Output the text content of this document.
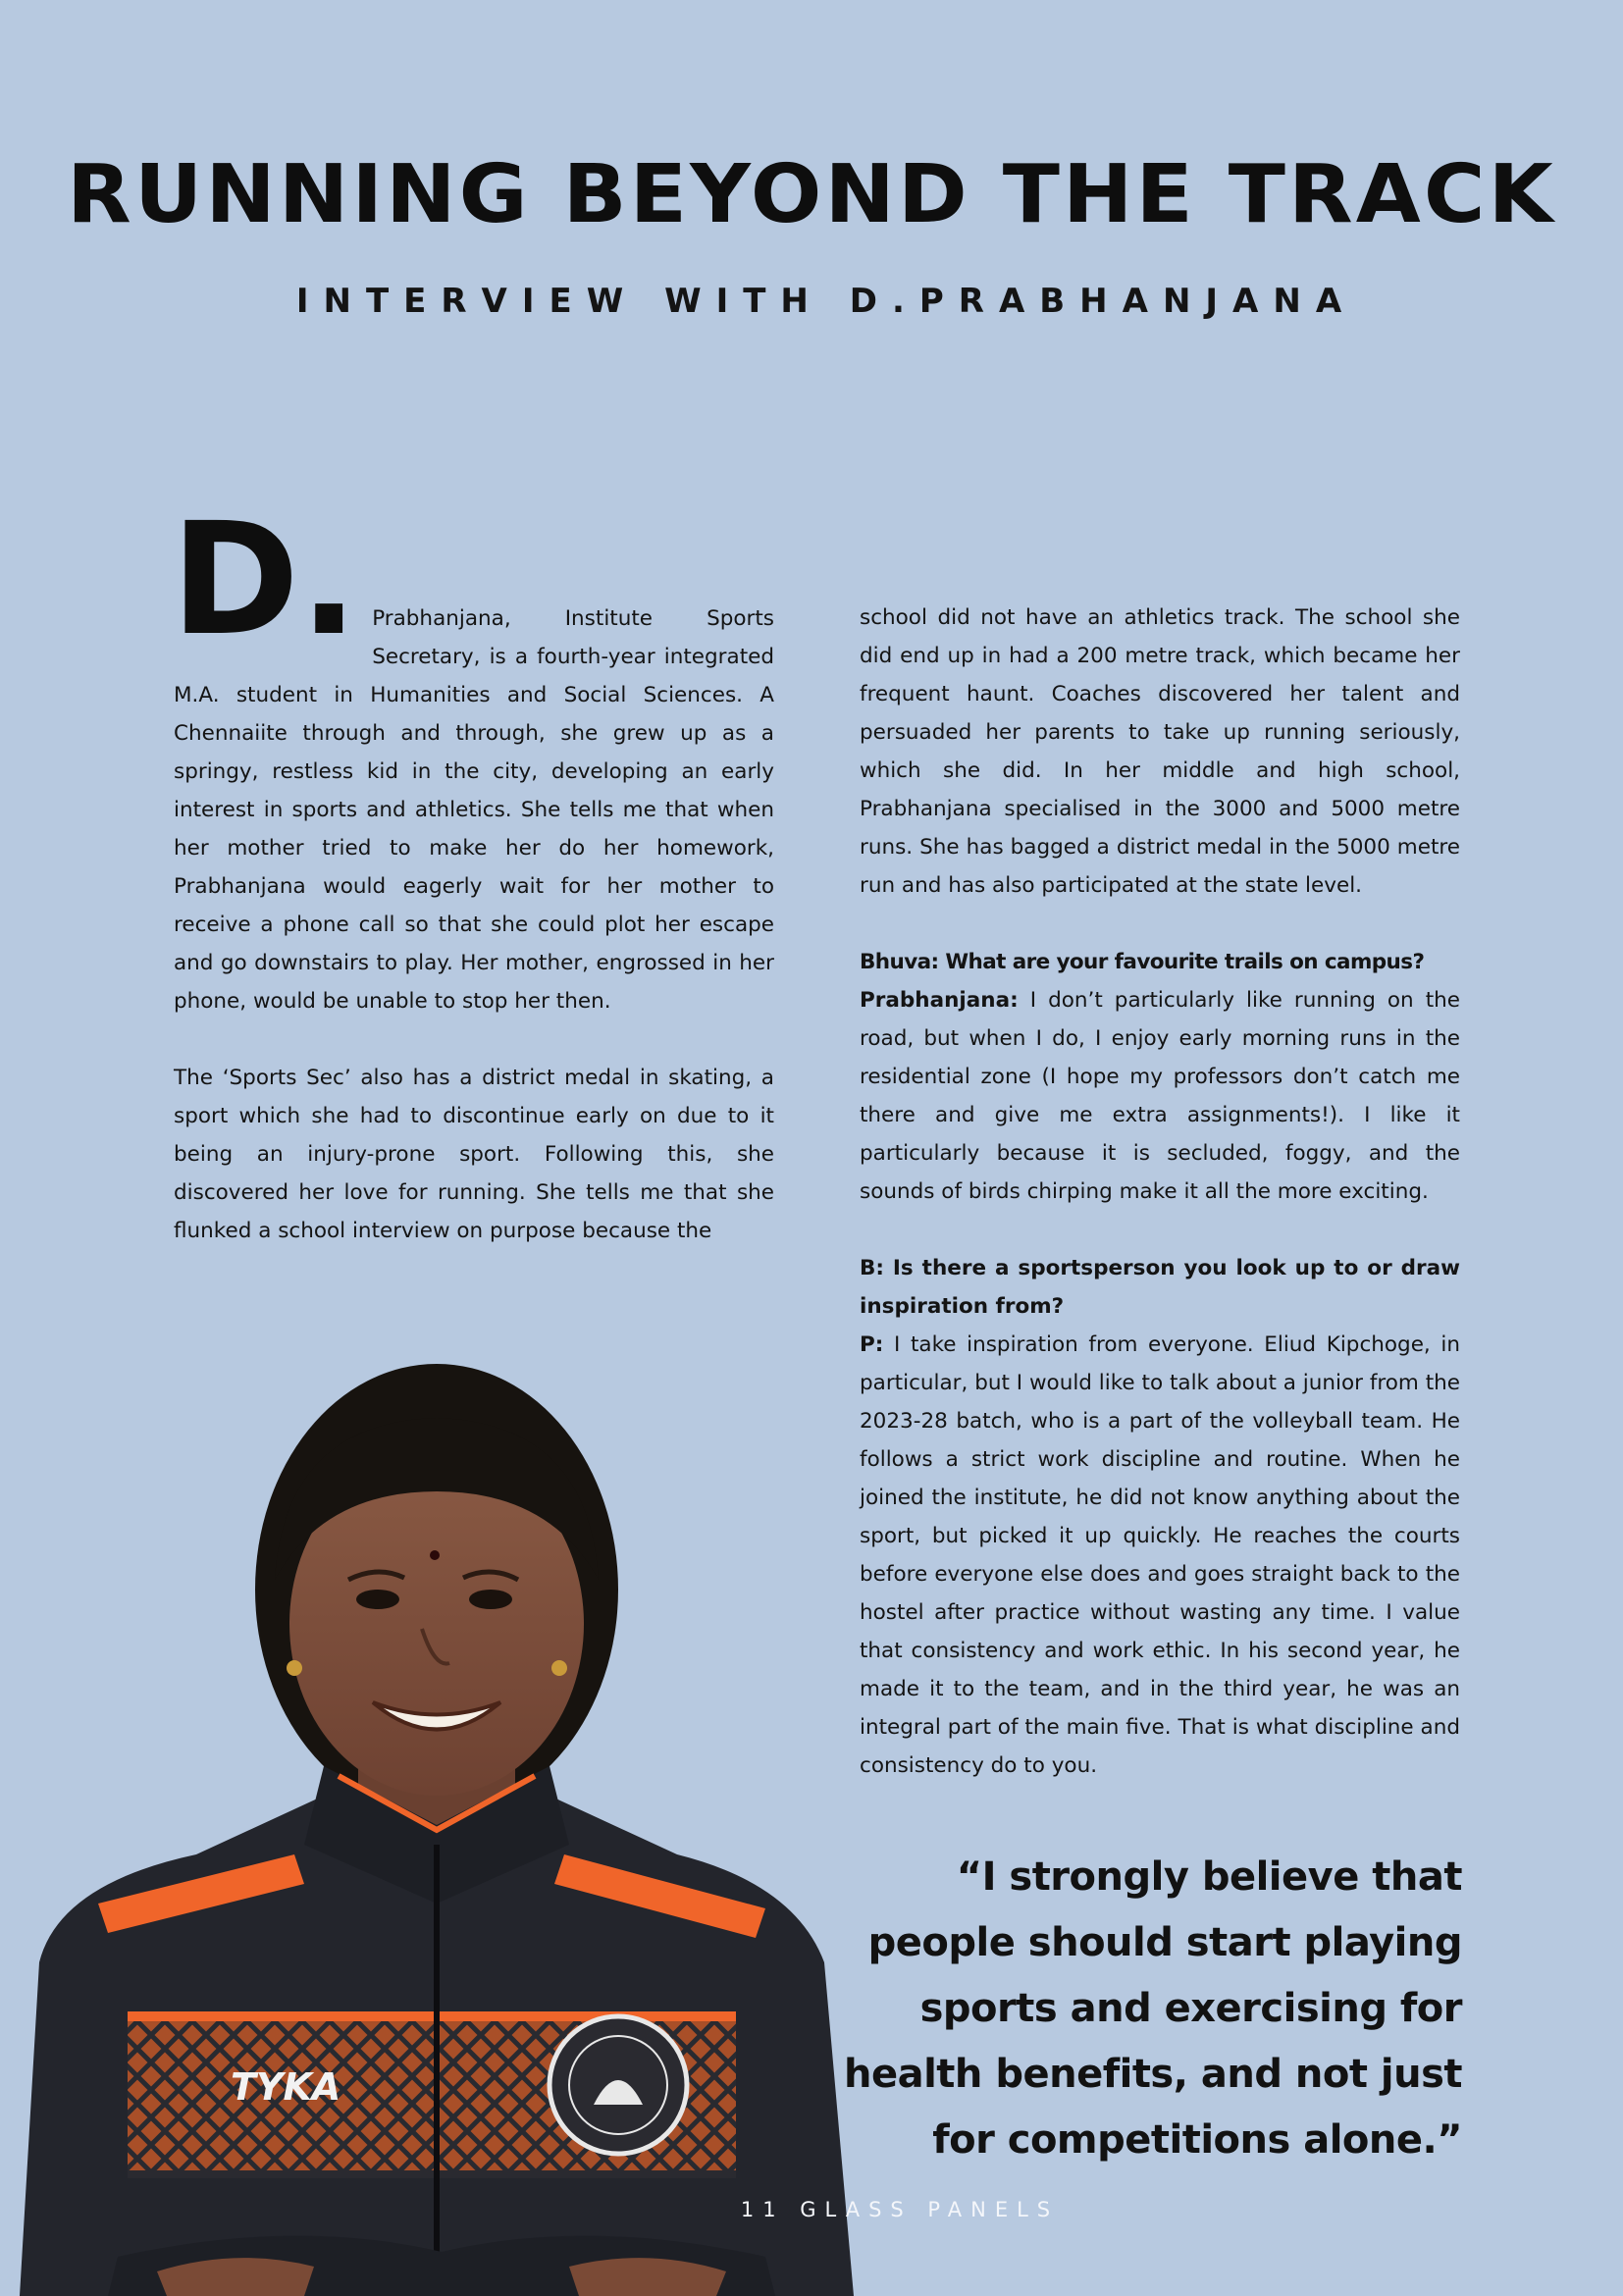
RUNNING BEYOND THE TRACK
INTERVIEW WITH D.PRABHANJANA

D. Prabhanjana, Institute Sports Secretary, is a fourth-year integrated M.A. student in Humanities and Social Sciences. A Chennaiite through and through, she grew up as a springy, restless kid in the city, developing an early interest in sports and athletics. She tells me that when her mother tried to make her do her homework, Prabhanjana would eagerly wait for her mother to receive a phone call so that she could plot her escape and go downstairs to play. Her mother, engrossed in her phone, would be unable to stop her then.

The ‘Sports Sec’ also has a district medal in skating, a sport which she had to discontinue early on due to it being an injury-prone sport. Following this, she discovered her love for running. She tells me that she flunked a school interview on purpose because the

school did not have an athletics track. The school she did end up in had a 200 metre track, which became her frequent haunt. Coaches discovered her talent and persuaded her parents to take up running seriously, which she did. In her middle and high school, Prabhanjana specialised in the 3000 and 5000 metre runs. She has bagged a district medal in the 5000 metre run and has also participated at the state level.

Bhuva: What are your favourite trails on campus?
Prabhanjana: I don’t particularly like running on the road, but when I do, I enjoy early morning runs in the residential zone (I hope my professors don’t catch me there and give me extra assignments!). I like it particularly because it is secluded, foggy, and the sounds of birds chirping make it all the more exciting.

B: Is there a sportsperson you look up to or draw inspiration from?
P: I take inspiration from everyone. Eliud Kipchoge, in particular, but I would like to talk about a junior from the 2023-28 batch, who is a part of the volleyball team. He follows a strict work discipline and routine. When he joined the institute, he did not know anything about the sport, but picked it up quickly. He reaches the courts before everyone else does and goes straight back to the hostel after practice without wasting any time. I value that consistency and work ethic. In his second year, he made it to the team, and in the third year, he was an integral part of the main five. That is what discipline and consistency do to you.

“I strongly believe that people should start playing sports and exercising for health benefits, and not just for competitions alone.”
TYKA
11 GLASS PANELS
